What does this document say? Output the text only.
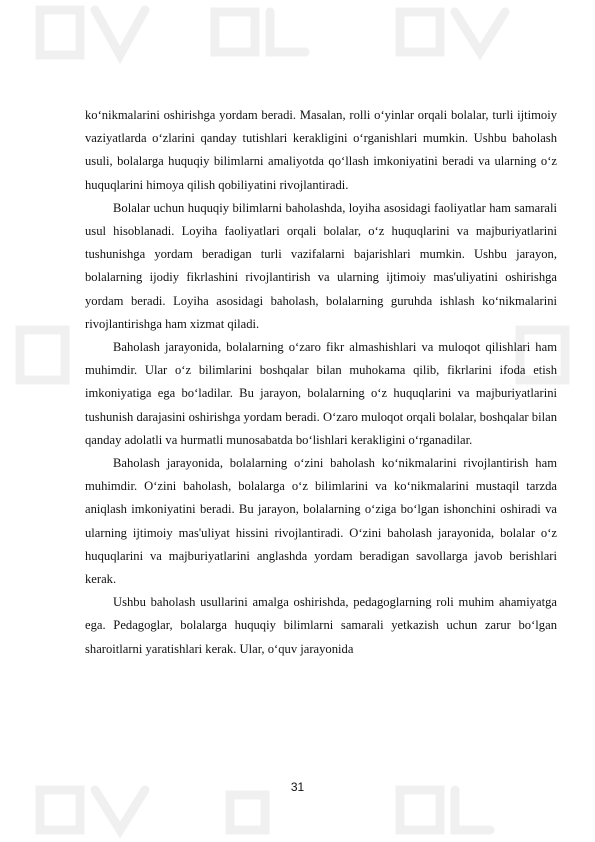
ko‘nikmalarini oshirishga yordam beradi. Masalan, rolli o‘yinlar orqali bolalar, turli ijtimoiy vaziyatlarda o‘zlarini qanday tutishlari kerakligini o‘rganishlari mumkin. Ushbu baholash usuli, bolalarga huquqiy bilimlarni amaliyotda qo‘llash imkoniyatini beradi va ularning o‘z huquqlarini himoya qilish qobiliyatini rivojlantiradi.

Bolalar uchun huquqiy bilimlarni baholashda, loyiha asosidagi faoliyatlar ham samarali usul hisoblanadi. Loyiha faoliyatlari orqali bolalar, o‘z huquqlarini va majburiyatlarini tushunishga yordam beradigan turli vazifalarni bajarishlari mumkin. Ushbu jarayon, bolalarning ijodiy fikrlashini rivojlantirish va ularning ijtimoiy mas'uliyatini oshirishga yordam beradi. Loyiha asosidagi baholash, bolalarning guruhda ishlash ko‘nikmalarini rivojlantirishga ham xizmat qiladi.

Baholash jarayonida, bolalarning o‘zaro fikr almashishlari va muloqot qilishlari ham muhimdir. Ular o‘z bilimlarini boshqalar bilan muhokama qilib, fikrlarini ifoda etish imkoniyatiga ega bo‘ladilar. Bu jarayon, bolalarning o‘z huquqlarini va majburiyatlarini tushunish darajasini oshirishga yordam beradi. O‘zaro muloqot orqali bolalar, boshqalar bilan qanday adolatli va hurmatli munosabatda bo‘lishlari kerakligini o‘rganadilar.

Baholash jarayonida, bolalarning o‘zini baholash ko‘nikmalarini rivojlantirish ham muhimdir. O‘zini baholash, bolalarga o‘z bilimlarini va ko‘nikmalarini mustaqil tarzda aniqlash imkoniyatini beradi. Bu jarayon, bolalarning o‘ziga bo‘lgan ishonchini oshiradi va ularning ijtimoiy mas'uliyat hissini rivojlantiradi. O‘zini baholash jarayonida, bolalar o‘z huquqlarini va majburiyatlarini anglashda yordam beradigan savollarga javob berishlari kerak.

Ushbu baholash usullarini amalga oshirishda, pedagoglarning roli muhim ahamiyatga ega. Pedagoglar, bolalarga huquqiy bilimlarni samarali yetkazish uchun zarur bo‘lgan sharoitlarni yaratishlari kerak. Ular, o‘quv jarayonida

31
